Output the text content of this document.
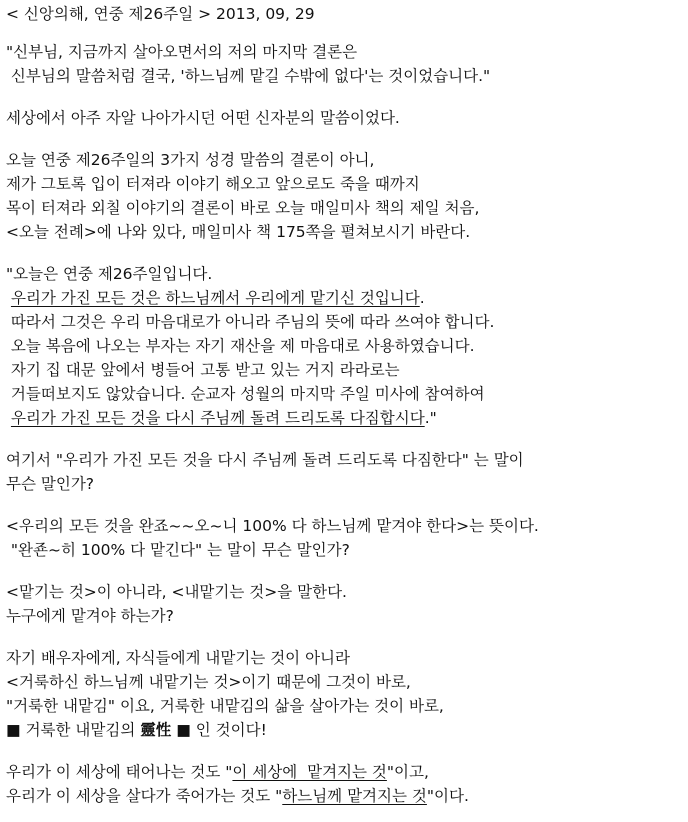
< 신앙의해, 연중 제26주일 > 2013, 09, 29
"신부님, 지금까지 살아오면서의 저의 마지막 결론은
신부님의 말씀처럼 결국, '하느님께 맡길 수밖에 없다'는 것이었습니다."
세상에서 아주 자알 나아가시던 어떤 신자분의 말씀이었다.
오늘 연중 제26주일의 3가지 성경 말씀의 결론이 아니,
제가 그토록 입이 터져라 이야기 해오고 앞으로도 죽을 때까지
목이 터져라 외칠 이야기의 결론이 바로 오늘 매일미사 책의 제일 처음,
<오늘 전례>에 나와 있다, 매일미사 책 175쪽을 펼쳐보시기 바란다.
"오늘은 연중 제26주일입니다.
우리가 가진 모든 것은 하느님께서 우리에게 맡기신 것입니다.
따라서 그것은 우리 마음대로가 아니라 주님의 뜻에 따라 쓰여야 합니다.
오늘 복음에 나오는 부자는 자기 재산을 제 마음대로 사용하였습니다.
자기 집 대문 앞에서 병들어 고통 받고 있는 거지 라라로는
거들떠보지도 않았습니다. 순교자 성월의 마지막 주일 미사에 참여하여
우리가 가진 모든 것을 다시 주님께 돌려 드리도록 다짐합시다."
여기서 "우리가 가진 모든 것을 다시 주님께 돌려 드리도록 다짐한다" 는 말이
무슨 말인가?
<우리의 모든 것을 완죠~~오~니 100% 다 하느님께 맡겨야 한다>는 뜻이다.
"완죤~히 100% 다 맡긴다" 는 말이 무슨 말인가?
<맡기는 것>이 아니라, <내맡기는 것>을 말한다.
누구에게 맡겨야 하는가?
자기 배우자에게, 자식들에게 내맡기는 것이 아니라
<거룩하신 하느님께 내맡기는 것>이기 때문에 그것이 바로,
"거룩한 내맡김" 이요, 거룩한 내맡김의 삶을 살아가는 것이 바로,
■ 거룩한 내맡김의 靈性 ■ 인 것이다!
우리가 이 세상에 태어나는 것도 "이 세상에  맡겨지는 것"이고,
우리가 이 세상을 살다가 죽어가는 것도 "하느님께 맡겨지는 것"이다.
